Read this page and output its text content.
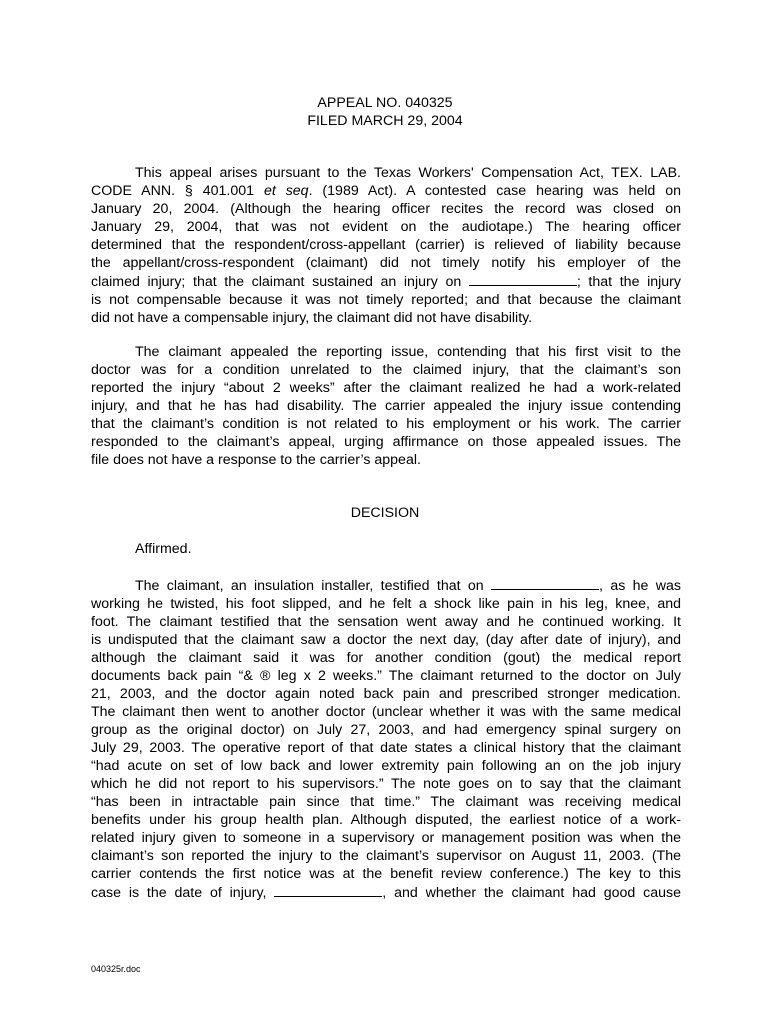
APPEAL NO. 040325
FILED MARCH 29, 2004
This appeal arises pursuant to the Texas Workers' Compensation Act, TEX. LAB.
CODE ANN. § 401.001 et seq. (1989 Act). A contested case hearing was held on
January 20, 2004. (Although the hearing officer recites the record was closed on
January 29, 2004, that was not evident on the audiotape.) The hearing officer
determined that the respondent/cross-appellant (carrier) is relieved of liability because
the appellant/cross-respondent (claimant) did not timely notify his employer of the
claimed injury; that the claimant sustained an injury on	; that the injury
is not compensable because it was not timely reported; and that because the claimant
did not have a compensable injury, the claimant did not have disability.
The claimant appealed the reporting issue, contending that his first visit to the
doctor was for a condition unrelated to the claimed injury, that the claimant’s son
reported the injury “about 2 weeks” after the claimant realized he had a work-related
injury, and that he has had disability. The carrier appealed the injury issue contending
that the claimant’s condition is not related to his employment or his work. The carrier
responded to the claimant’s appeal, urging affirmance on those appealed issues. The
file does not have a response to the carrier’s appeal.
DECISION
Affirmed.
The claimant, an insulation installer, testified that on	, as he was
working he twisted, his foot slipped, and he felt a shock like pain in his leg, knee, and
foot. The claimant testified that the sensation went away and he continued working. It
is undisputed that the claimant saw a doctor the next day, (day after date of injury), and
although the claimant said it was for another condition (gout) the medical report
documents back pain “& ® leg x 2 weeks.” The claimant returned to the doctor on July
21, 2003, and the doctor again noted back pain and prescribed stronger medication.
The claimant then went to another doctor (unclear whether it was with the same medical
group as the original doctor) on July 27, 2003, and had emergency spinal surgery on
July 29, 2003. The operative report of that date states a clinical history that the claimant
“had acute on set of low back and lower extremity pain following an on the job injury
which he did not report to his supervisors.” The note goes on to say that the claimant
“has been in intractable pain since that time.” The claimant was receiving medical
benefits under his group health plan. Although disputed, the earliest notice of a work-
related injury given to someone in a supervisory or management position was when the
claimant’s son reported the injury to the claimant’s supervisor on August 11, 2003. (The
carrier contends the first notice was at the benefit review conference.) The key to this
case is the date of injury,	, and whether the claimant had good cause
040325r.doc
